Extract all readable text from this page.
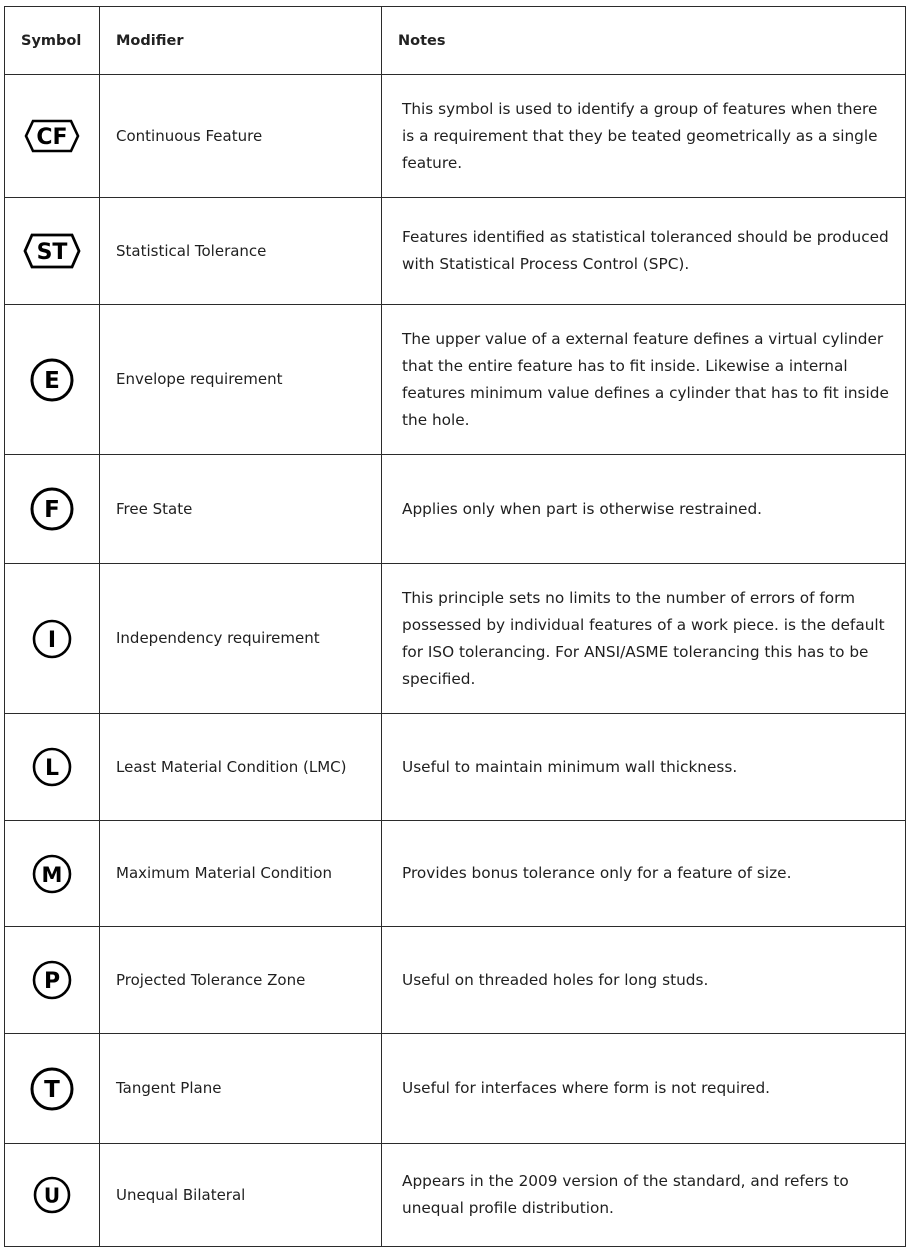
Symbol	Modifier	Notes

CF	Continuous Feature	This symbol is used to identify a group of features when there is a requirement that they be teated geometrically as a single feature.

ST	Statistical Tolerance	Features identified as statistical toleranced should be produced with Statistical Process Control (SPC).

E	Envelope requirement	The upper value of a external feature defines a virtual cylinder that the entire feature has to fit inside. Likewise a internal features minimum value defines a cylinder that has to fit inside the hole.

F	Free State	Applies only when part is otherwise restrained.

I	Independency requirement	This principle sets no limits to the number of errors of form possessed by individual features of a work piece. is the default for ISO tolerancing. For ANSI/ASME tolerancing this has to be specified.

L	Least Material Condition (LMC)	Useful to maintain minimum wall thickness.

M	Maximum Material Condition	Provides bonus tolerance only for a feature of size.

P	Projected Tolerance Zone	Useful on threaded holes for long studs.

T	Tangent Plane	Useful for interfaces where form is not required.

U	Unequal Bilateral	Appears in the 2009 version of the standard, and refers to unequal profile distribution.
